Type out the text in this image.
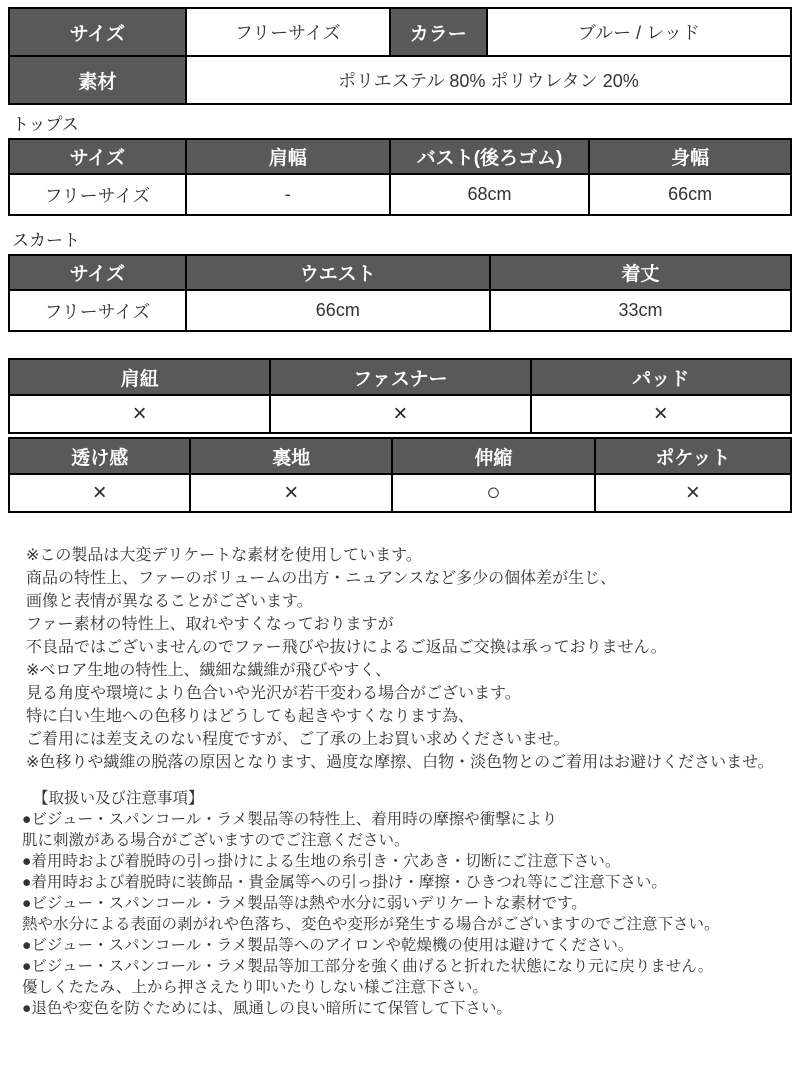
サイズ	フリーサイズ	カラー	ブルー / レッド
素材	ポリエステル 80% ポリウレタン 20%		
トップス
サイズ	肩幅	バスト(後ろゴム)	身幅
フリーサイズ	-	68cm	66cm
スカート
サイズ	ウエスト	着丈
フリーサイズ	66cm	33cm
肩紐	ファスナー	パッド
×	×	×
透け感	裏地	伸縮	ポケット
×	×	○	×

※この製品は大変デリケートな素材を使用しています。

商品の特性上、ファーのボリュームの出方・ニュアンスなど多少の個体差が生じ、

画像と表情が異なることがございます。

ファー素材の特性上、取れやすくなっておりますが

不良品ではございませんのでファー飛びや抜けによるご返品ご交換は承っておりません。

※ベロア生地の特性上、繊細な繊維が飛びやすく、

見る角度や環境により色合いや光沢が若干変わる場合がございます。

特に白い生地への色移りはどうしても起きやすくなります為、

ご着用には差支えのない程度ですが、ご了承の上お買い求めくださいませ。

※色移りや繊維の脱落の原因となります、過度な摩擦、白物・淡色物とのご着用はお避けくださいませ。

【取扱い及び注意事項】

●ビジュー・スパンコール・ラメ製品等の特性上、着用時の摩擦や衝撃により

肌に刺激がある場合がございますのでご注意ください。

●着用時および着脱時の引っ掛けによる生地の糸引き・穴あき・切断にご注意下さい。

●着用時および着脱時に装飾品・貴金属等への引っ掛け・摩擦・ひきつれ等にご注意下さい。

●ビジュー・スパンコール・ラメ製品等は熱や水分に弱いデリケートな素材です。

熱や水分による表面の剥がれや色落ち、変色や変形が発生する場合がございますのでご注意下さい。

●ビジュー・スパンコール・ラメ製品等へのアイロンや乾燥機の使用は避けてください。

●ビジュー・スパンコール・ラメ製品等加工部分を強く曲げると折れた状態になり元に戻りません。

優しくたたみ、上から押さえたり叩いたりしない様ご注意下さい。

●退色や変色を防ぐためには、風通しの良い暗所にて保管して下さい。
